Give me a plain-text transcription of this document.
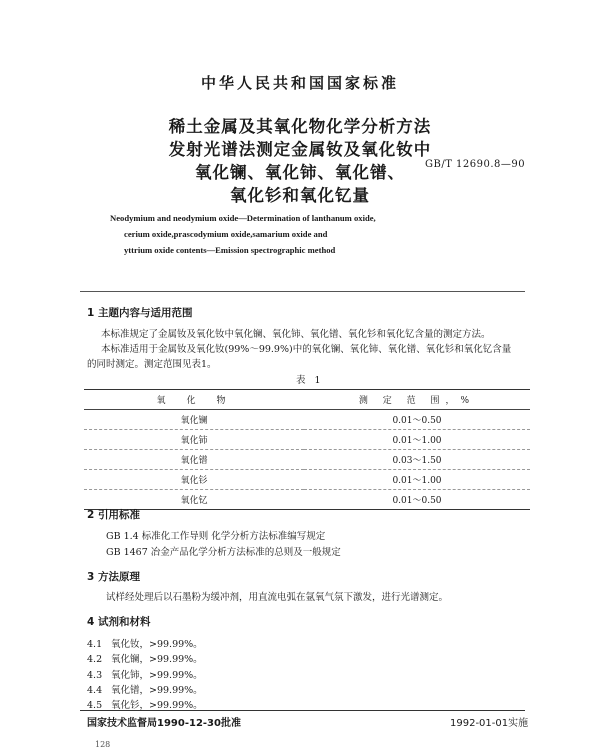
中华人民共和国国家标准
稀土金属及其氧化物化学分析方法
发射光谱法测定金属钕及氧化钕中
氧化镧、氧化铈、氧化镨、
氧化钐和氧化钇量
GB/T 12690.8—90
Neodymium and neodymium oxide—Determination of lanthanum oxide,
cerium oxide,prascodymium oxide,samarium oxide and
yttrium oxide contents—Emission spectrographic method
1 主题内容与适用范围
本标准规定了金属钕及氧化钕中氧化镧、氧化铈、氧化镨、氧化钐和氧化钇含量的测定方法。
本标准适用于金属钕及氧化钕(99%～99.9%)中的氧化镧、氧化铈、氧化镨、氧化钐和氧化钇含量
的同时测定。测定范围见表1。
表 1
氧　化　物	测 定 范 围，%
氧化镧	0.01～0.50
氧化铈	0.01～1.00
氧化镨	0.03～1.50
氧化钐	0.01～1.00
氧化钇	0.01～0.50
2 引用标准
GB 1.4 标准化工作导则 化学分析方法标准编写规定
GB 1467 冶金产品化学分析方法标准的总则及一般规定
3 方法原理
试样经处理后以石墨粉为缓冲剂，用直流电弧在氩氧气氛下激发，进行光谱测定。
4 试剂和材料
4.1 氧化钕，>99.99%。
4.2 氧化镧，>99.99%。
4.3 氧化铈，>99.99%。
4.4 氧化镨，>99.99%。
4.5 氧化钐，>99.99%。
国家技术监督局1990-12-30批准	1992-01-01实施
128
